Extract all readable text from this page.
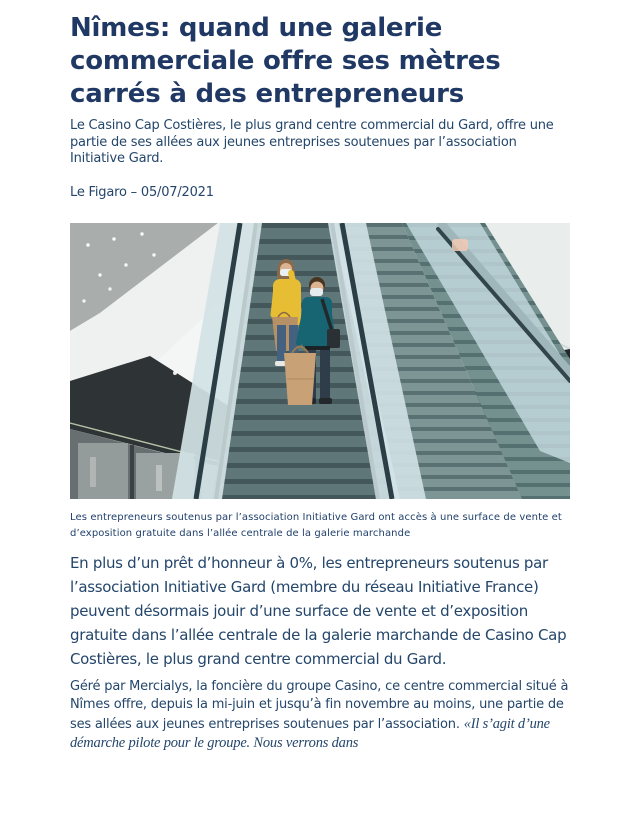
Nîmes: quand une galerie commerciale offre ses mètres carrés à des entrepreneurs

Le Casino Cap Costières, le plus grand centre commercial du Gard, offre une partie de ses allées aux jeunes entreprises soutenues par l’association Initiative Gard.

Le Figaro – 05/07/2021

Les entrepreneurs soutenus par l’association Initiative Gard ont accès à une surface de vente et d’exposition gratuite dans l’allée centrale de la galerie marchande

En plus d’un prêt d’honneur à 0%, les entrepreneurs soutenus par l’association Initiative Gard (membre du réseau Initiative France) peuvent désormais jouir d’une surface de vente et d’exposition gratuite dans l’allée centrale de la galerie marchande de Casino Cap Costières, le plus grand centre commercial du Gard.

Géré par Mercialys, la foncière du groupe Casino, ce centre commercial situé à Nîmes offre, depuis la mi-juin et jusqu’à fin novembre au moins, une partie de ses allées aux jeunes entreprises soutenues par l’association. «Il s’agit d’une démarche pilote pour le groupe. Nous verrons dans
